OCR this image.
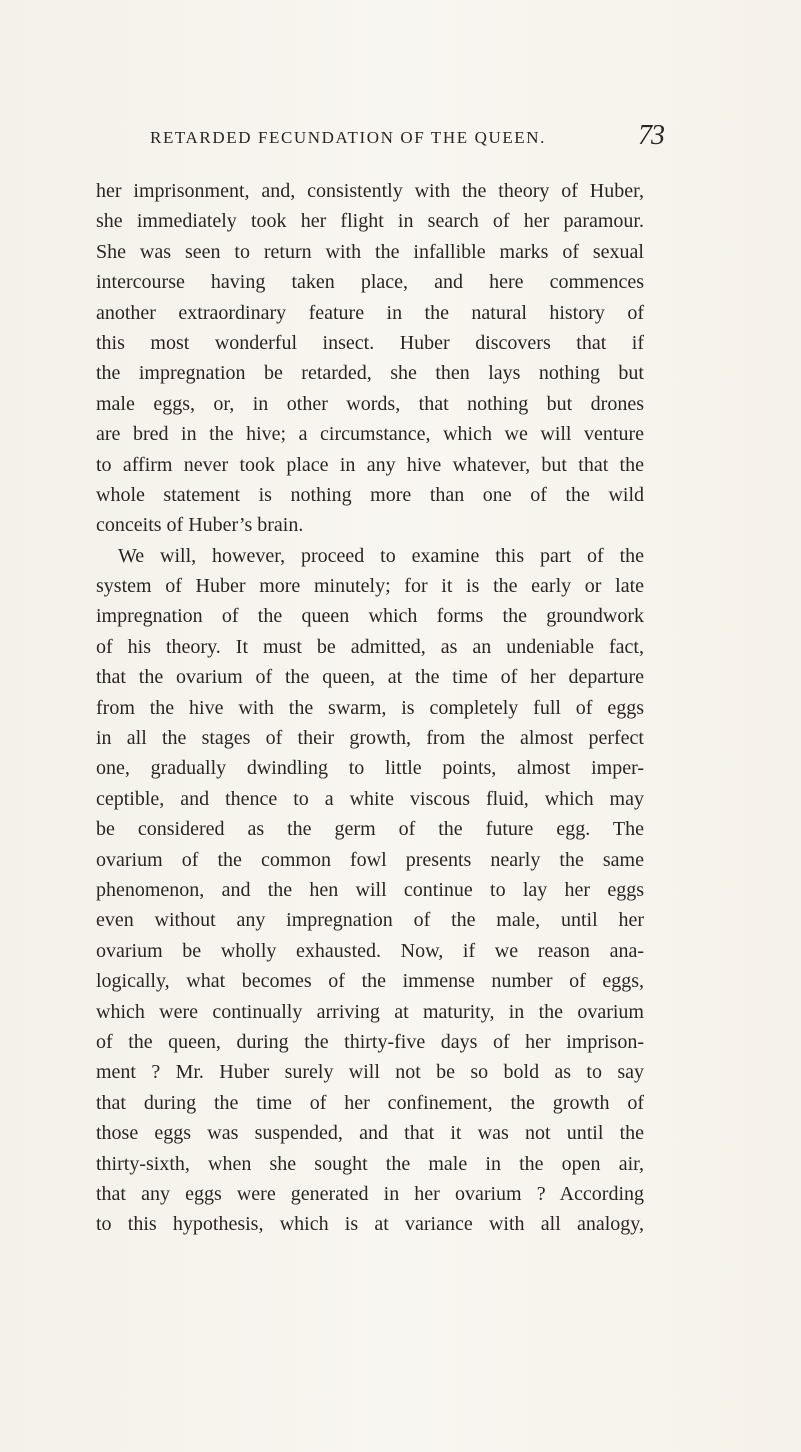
RETARDED FECUNDATION OF THE QUEEN.	73
her imprisonment, and, consistently with the theory of Huber,
she immediately took her flight in search of her paramour.
She was seen to return with the infallible marks of sexual
intercourse having taken place, and here commences
another extraordinary feature in the natural history of
this most wonderful insect. Huber discovers that if
the impregnation be retarded, she then lays nothing but
male eggs, or, in other words, that nothing but drones
are bred in the hive; a circumstance, which we will venture
to affirm never took place in any hive whatever, but that the
whole statement is nothing more than one of the wild
conceits of Huber’s brain.
We will, however, proceed to examine this part of the
system of Huber more minutely; for it is the early or late
impregnation of the queen which forms the groundwork
of his theory. It must be admitted, as an undeniable fact,
that the ovarium of the queen, at the time of her departure
from the hive with the swarm, is completely full of eggs
in all the stages of their growth, from the almost perfect
one, gradually dwindling to little points, almost imper-
ceptible, and thence to a white viscous fluid, which may
be considered as the germ of the future egg. The
ovarium of the common fowl presents nearly the same
phenomenon, and the hen will continue to lay her eggs
even without any impregnation of the male, until her
ovarium be wholly exhausted. Now, if we reason ana-
logically, what becomes of the immense number of eggs,
which were continually arriving at maturity, in the ovarium
of the queen, during the thirty-five days of her imprison-
ment ? Mr. Huber surely will not be so bold as to say
that during the time of her confinement, the growth of
those eggs was suspended, and that it was not until the
thirty-sixth, when she sought the male in the open air,
that any eggs were generated in her ovarium ? According
to this hypothesis, which is at variance with all analogy,
